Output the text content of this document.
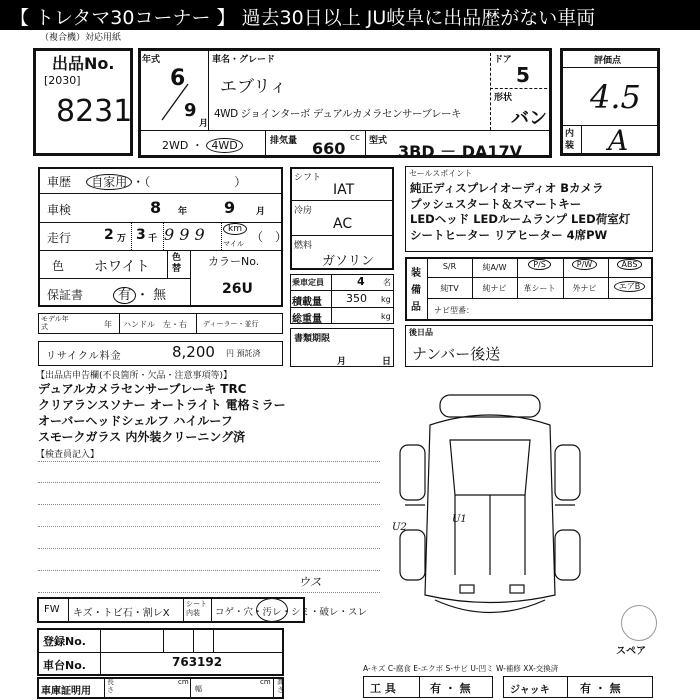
【 トレタマ30コーナー 】 過去30日以上 JU岐阜に出品歴がない車両
（複合機）対応用紙
出品No.
[2030]
8231
年式
6
9
月
車名・グレード
エブリィ
4WD ジョインターボ デュアルカメラセンサーブレーキ
ドア
5
形状
バン
2WD ・ 4WD	排気量	cc
660	型式
3BD － DA17V
評価点
4.5
内装 A
車歴 自家用 ・（　　　　　　　）
車検	8 年 9 月
走行 2 万 3 千 9 9 9	km
マイル （　）
色 ホワイト
色替
カラーNo.
26U
保証書	有 ・ 無
モデル年式	年 ハンドル　左・右 ディーラー・並行
リサイクル料金	8,200 円 預託済
シフト
IAT
冷房
AC
燃料
ガソリン
乗車定員	4 名
積載量 350 kg
総重量	kg
書類期限
月	日
セールスポイント
純正ディスプレイオーディオ Bカメラ
プッシュスタート＆スマートキー
LEDヘッド LEDルームランプ LED荷室灯
シートヒーター リアヒーター 4席PW
装備品
S/R	純A/W	P/S	P/W	ABS
純TV	純ナビ	革シート	外ナビ	エアB
ナビ型番：
後日品
ナンバー後送
【出品店申告欄(不良箇所・欠品・注意事項等)】
デュアルカメラセンサーブレーキ TRC
クリアランスソナー オートライト 電格ミラー
オーバーヘッドシェルフ ハイルーフ
スモークガラス 内外装クリーニング済
【検査員記入】
U2
U1
スペア
FW キズ・トビ石・割レX
シート内装	コゲ・穴・汚レ・シミ・破レ・スレ
ウス
登録No.
車台No.	763192
車庫証明用
長さ
cm
幅
cm 高さ
A-キズ C-腐食 E-エクボ S-サビ U-凹ミ W-補修 XX-交換済
工 具	有 ・ 無	ジャッキ	有 ・ 無
